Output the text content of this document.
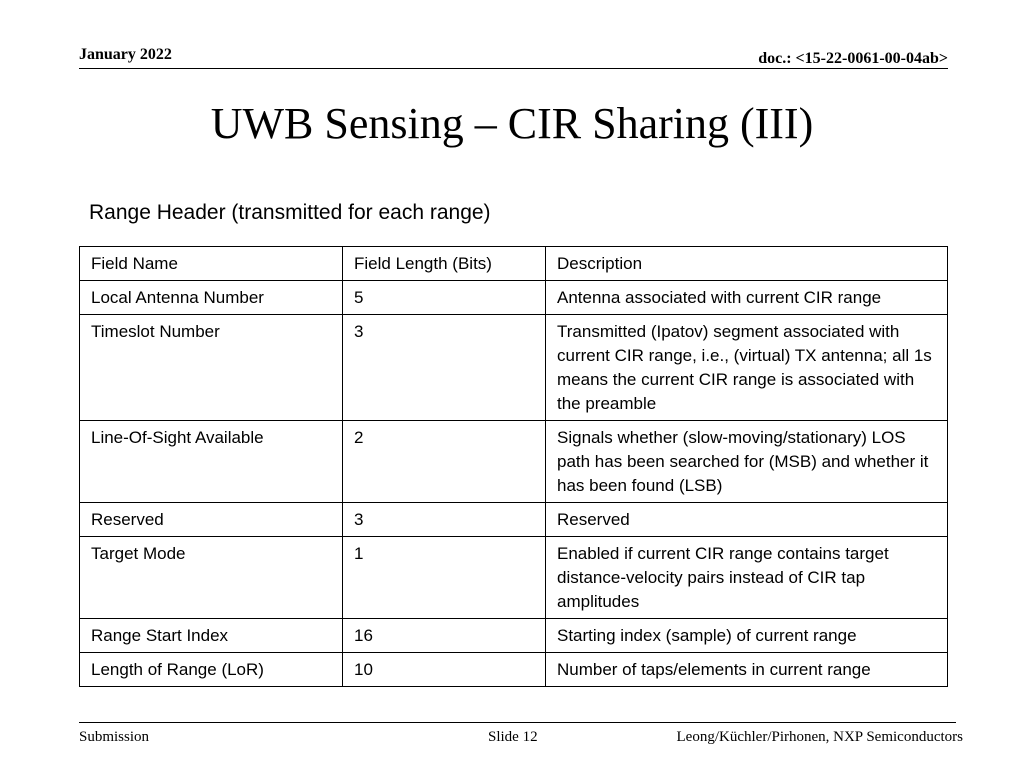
January 2022	doc.: <15-22-0061-00-04ab>
UWB Sensing – CIR Sharing (III)
Range Header (transmitted for each range)
Field Name	Field Length (Bits)	Description
Local Antenna Number	5	Antenna associated with current CIR range
Timeslot Number	3	Transmitted (Ipatov) segment associated with current CIR range, i.e., (virtual) TX antenna; all 1s means the current CIR range is associated with the preamble
Line-Of-Sight Available	2	Signals whether (slow-moving/stationary) LOS path has been searched for (MSB) and whether it has been found (LSB)
Reserved	3	Reserved
Target Mode	1	Enabled if current CIR range contains target distance-velocity pairs instead of CIR tap amplitudes
Range Start Index	16	Starting index (sample) of current range
Length of Range (LoR)	10	Number of taps/elements in current range
Submission	Slide 12	Leong/Küchler/Pirhonen, NXP Semiconductors
